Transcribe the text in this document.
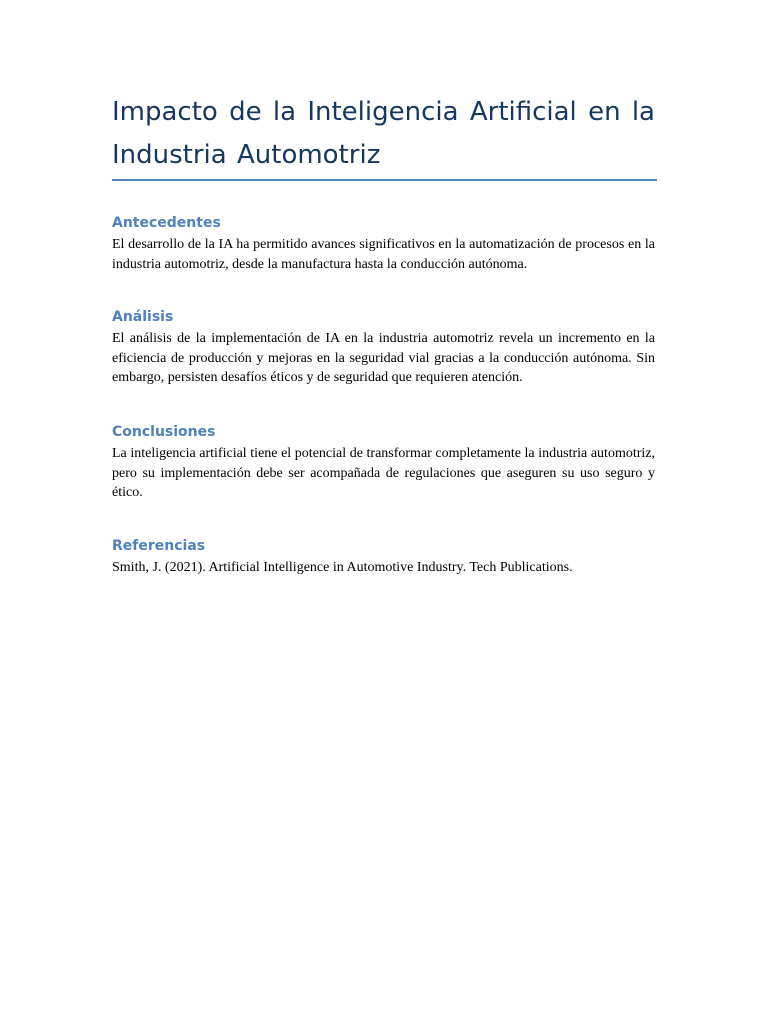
Impacto de la Inteligencia Artificial en la Industria Automotriz
Antecedentes

El desarrollo de la IA ha permitido avances significativos en la automatización de procesos en la industria automotriz, desde la manufactura hasta la conducción autónoma.

Análisis

El análisis de la implementación de IA en la industria automotriz revela un incremento en la eficiencia de producción y mejoras en la seguridad vial gracias a la conducción autónoma. Sin embargo, persisten desafíos éticos y de seguridad que requieren atención.

Conclusiones

La inteligencia artificial tiene el potencial de transformar completamente la industria automotriz, pero su implementación debe ser acompañada de regulaciones que aseguren su uso seguro y ético.

Referencias

Smith, J. (2021). Artificial Intelligence in Automotive Industry. Tech Publications.
